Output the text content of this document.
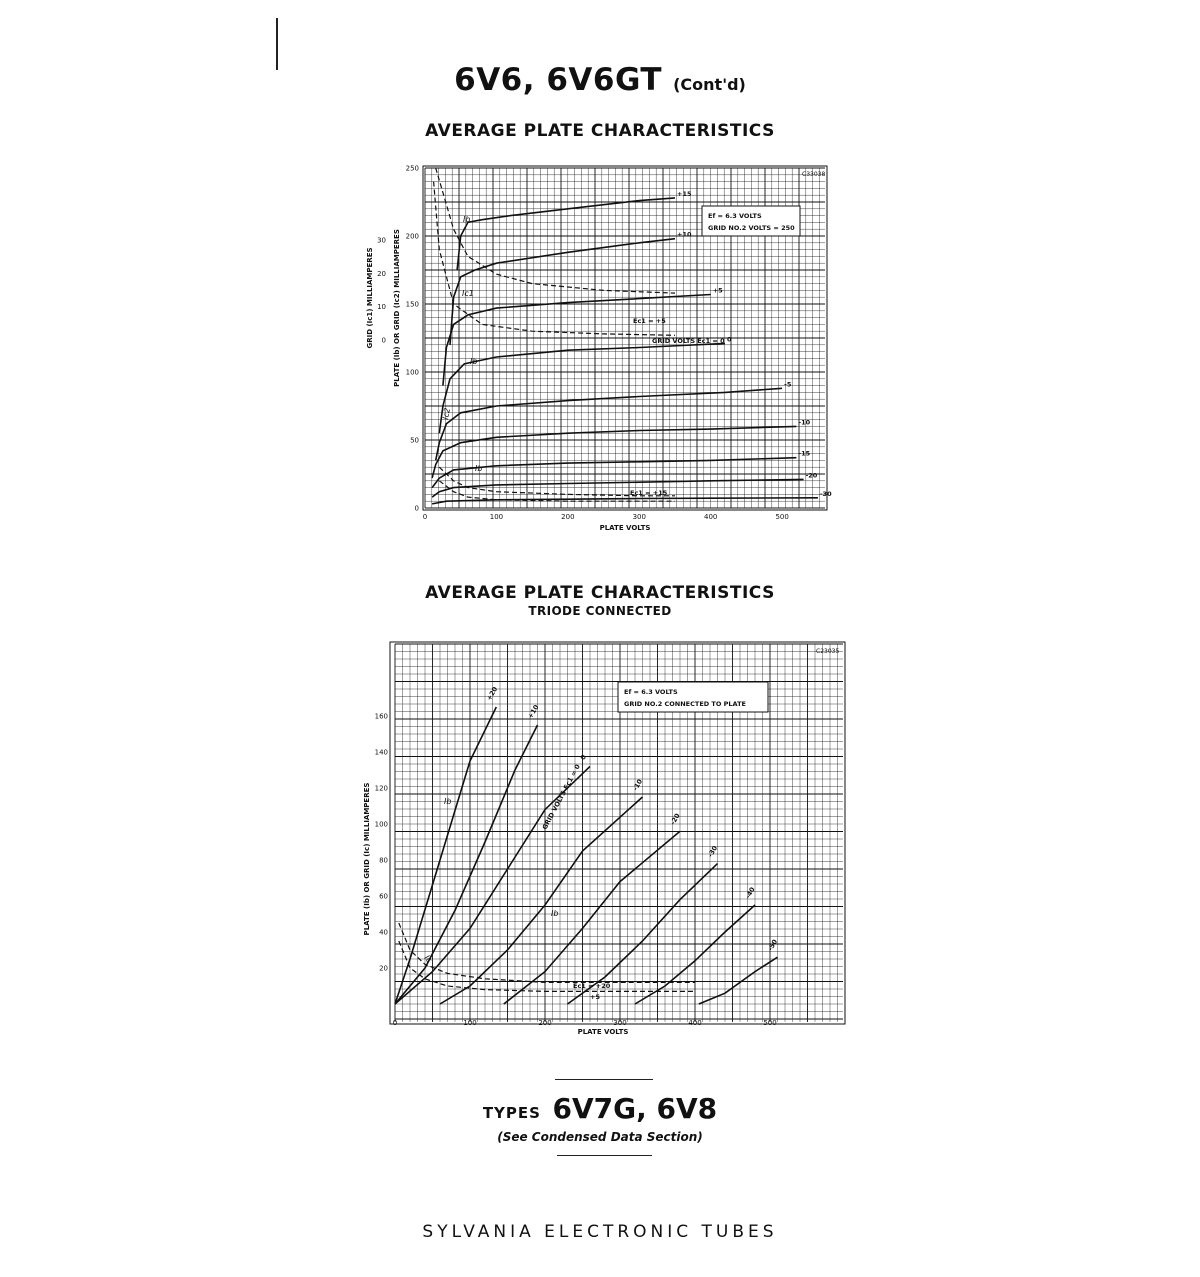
6V6, 6V6GT (Cont'd)
AVERAGE PLATE CHARACTERISTICS
+15
+10
+5
0
-5
-10
-15
-20
-30
0	100	200	300	400	500
0
50
100
150
200
250
0
10
20
30
C33038
Ef = 6.3 VOLTS
GRID NO.2 VOLTS = 250
PLATE VOLTS
PLATE (Ib) OR GRID (Ic2) MILLIAMPERES
GRID (Ic1) MILLIAMPERES	GRID VOLTS Ec1 = 0
Ec1 = +5
Ec1 = +15
Ib
Ib
Ib
Ic1
Ic2
AVERAGE PLATE CHARACTERISTICS
TRIODE CONNECTED
+20
+10
0
-10
-20
-30
-40
-50
0	100	200	300	400	500
20
40
60
80
100
120
140
160
C23035
Ef = 6.3 VOLTS
GRID NO.2 CONNECTED TO PLATE
PLATE VOLTS
PLATE (Ib) OR GRID (Ic) MILLIAMPERES	GRID VOLTS Ec1 = 0
Ec1 = +20
+5
Ib
Ib
Ic
TYPES 6V7G, 6V8
(See Condensed Data Section)
SYLVANIA ELECTRONIC TUBES
